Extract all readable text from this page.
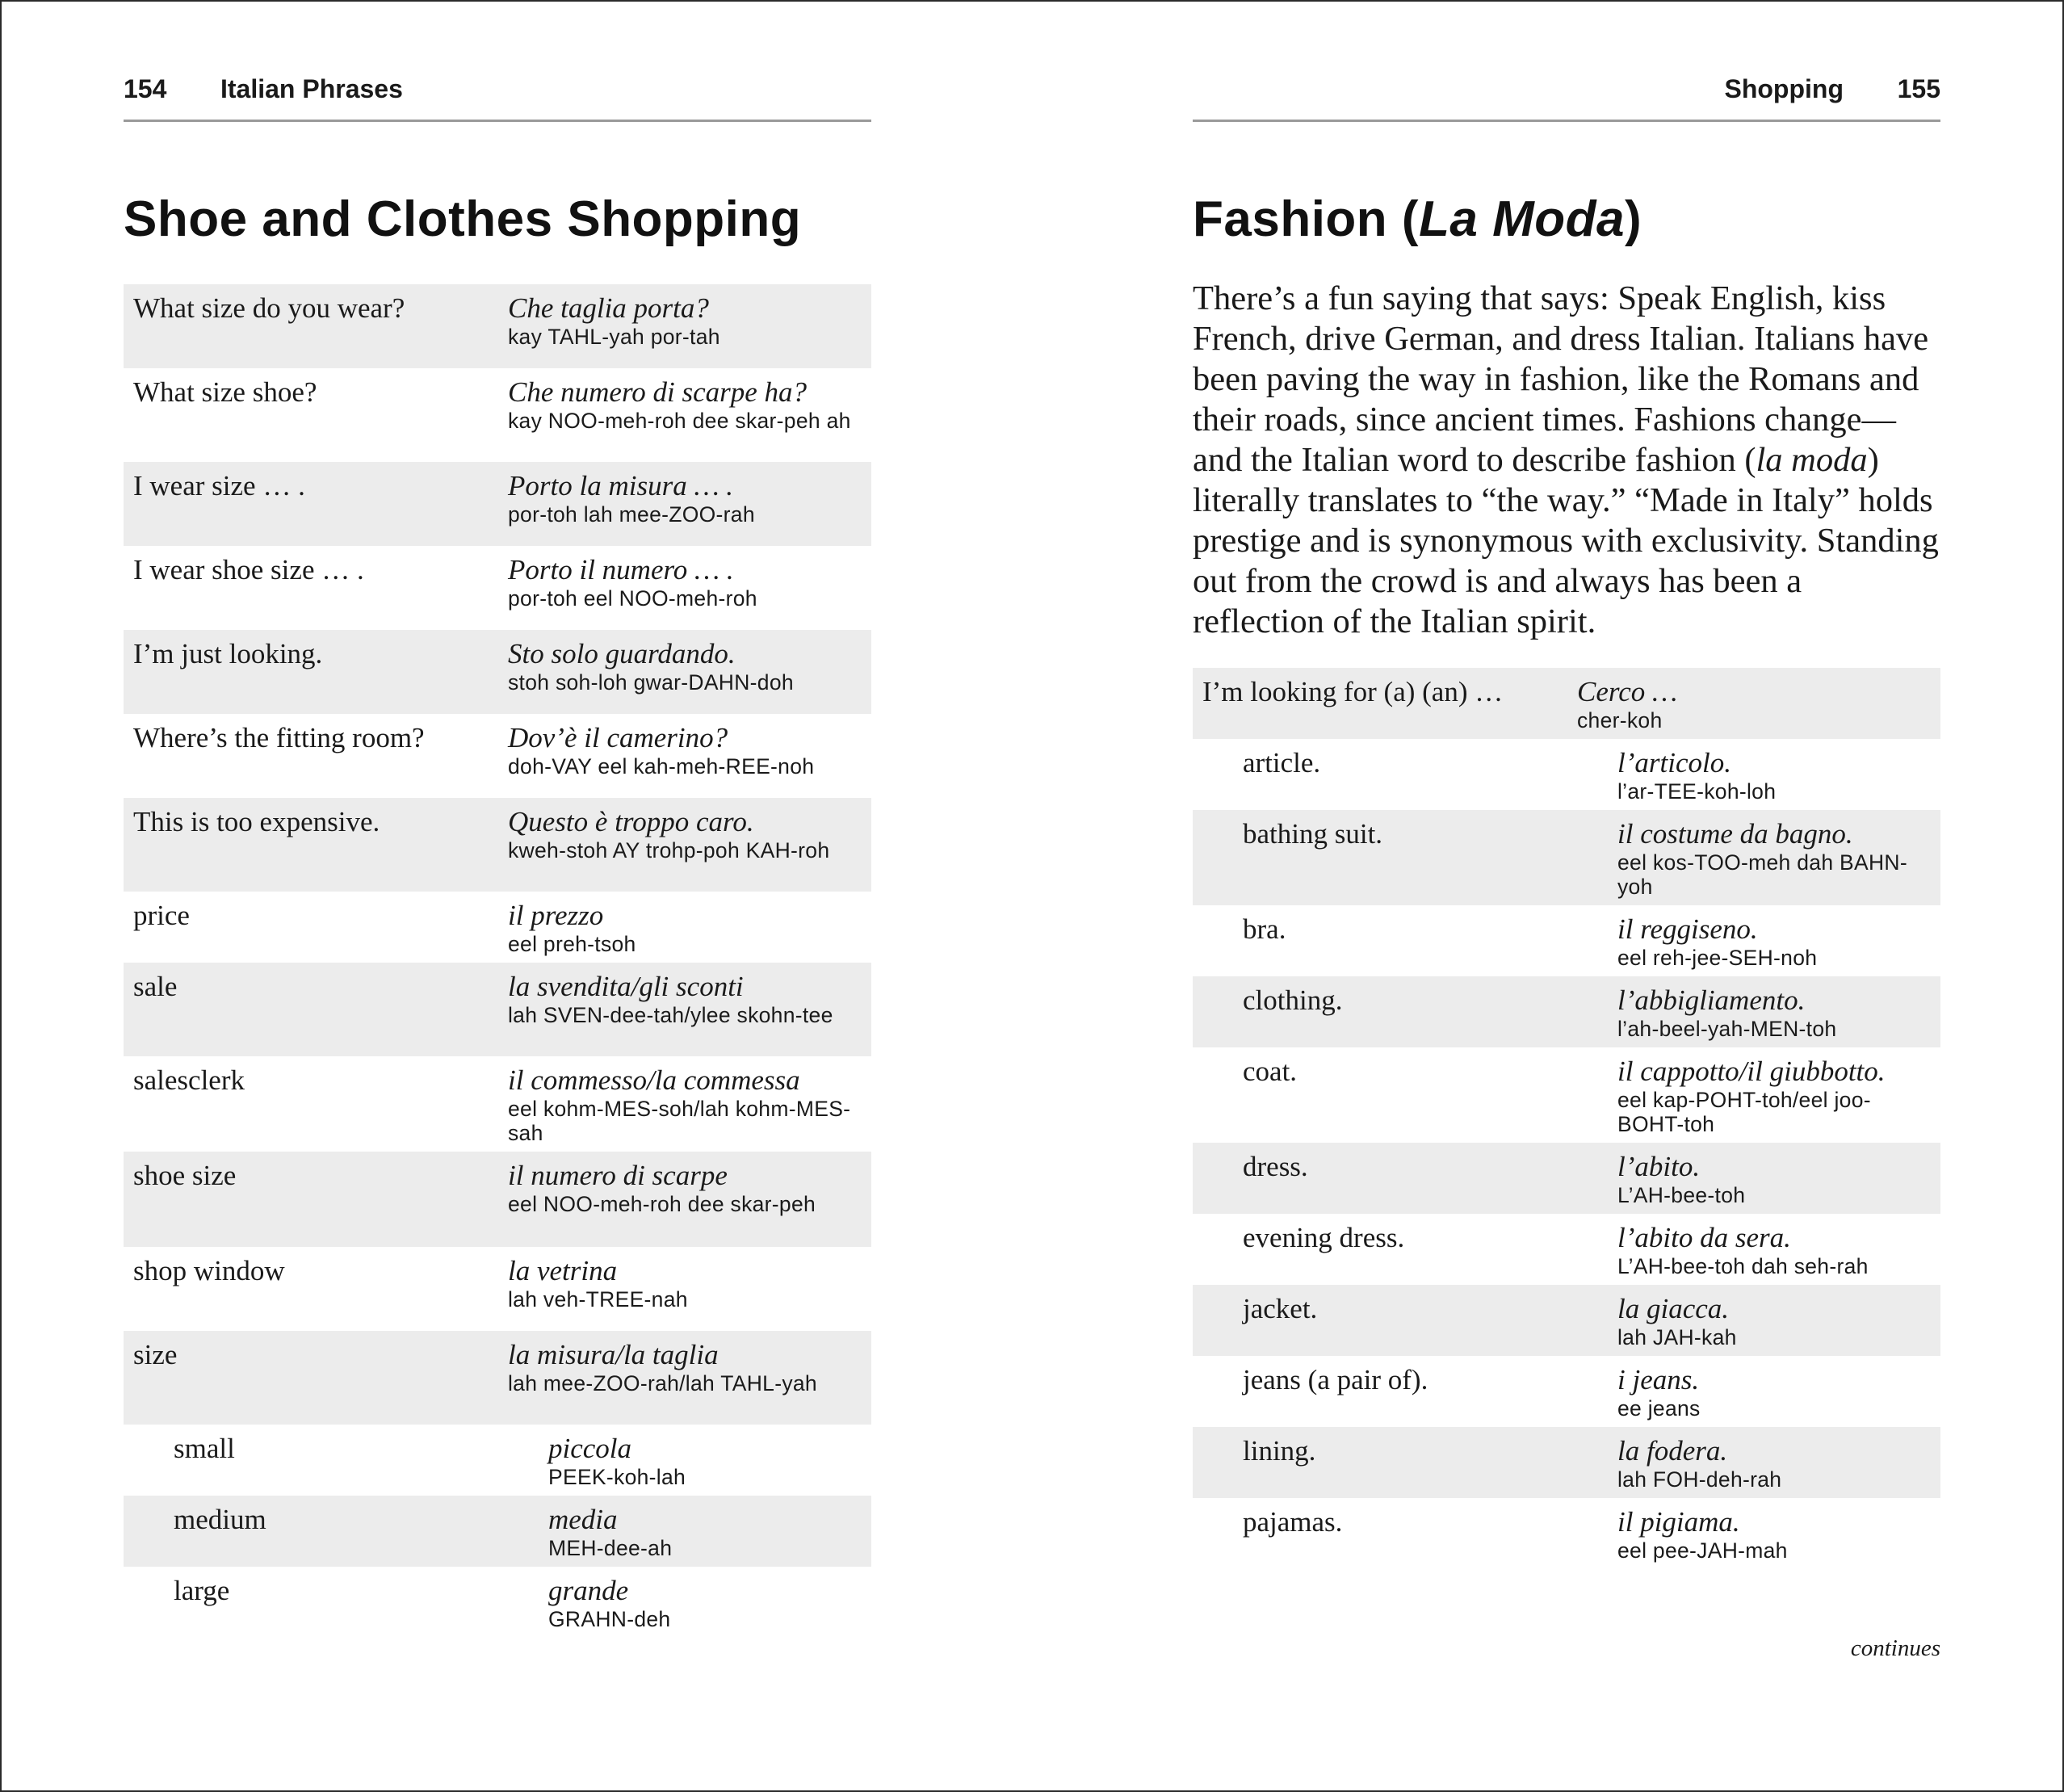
154 Italian Phrases
Shoe and Clothes Shopping
What size do you wear?	Che taglia porta?
kay TAHL-yah por-tah
What size shoe?	Che numero di scarpe ha?
kay NOO-meh-roh dee skar-peh ah
I wear size … .	Porto la misura … .
por-toh lah mee-ZOO-rah
I wear shoe size … .	Porto il numero … .
por-toh eel NOO-meh-roh
I’m just looking.	Sto solo guardando.
stoh soh-loh gwar-DAHN-doh
Where’s the fitting room?	Dov’è il camerino?
doh-VAY eel kah-meh-REE-noh
This is too expensive.	Questo è troppo caro.
kweh-stoh AY trohp-poh KAH-roh
price	il prezzo
eel preh-tsoh
sale	la svendita/gli sconti
lah SVEN-dee-tah/ylee skohn-tee
salesclerk	il commesso/la commessa
eel kohm-MES-soh/lah kohm-MES-sah
shoe size	il numero di scarpe
eel NOO-meh-roh dee skar-peh
shop window	la vetrina
lah veh-TREE-nah
size	la misura/la taglia
lah mee-ZOO-rah/lah TAHL-yah
small	piccola
PEEK-koh-lah
medium	media
MEH-dee-ah
large	grande
GRAHN-deh
Shopping 155
Fashion (La Moda)

There’s a fun saying that says: Speak English, kiss French, drive German, and dress Italian. Italians have been paving the way in fashion, like the Romans and their roads, since ancient times. Fashions change—and the Italian word to describe fashion (la moda) literally translates to “the way.” “Made in Italy” holds prestige and is synonymous with exclusivity. Standing out from the crowd is and always has been a reflection of the Italian spirit.

I’m looking for (a) (an) …	Cerco …
cher-koh
article.	l’articolo.
l’ar-TEE-koh-loh
bathing suit.	il costume da bagno.
eel kos-TOO-meh dah BAHN-yoh
bra.	il reggiseno.
eel reh-jee-SEH-noh
clothing.	l’abbigliamento.
l’ah-beel-yah-MEN-toh
coat.	il cappotto/il giubbotto.
eel kap-POHT-toh/eel joo-BOHT-toh
dress.	l’abito.
L’AH-bee-toh
evening dress.	l’abito da sera.
L’AH-bee-toh dah seh-rah
jacket.	la giacca.
lah JAH-kah
jeans (a pair of).	i jeans.
ee jeans
lining.	la fodera.
lah FOH-deh-rah
pajamas.	il pigiama.
eel pee-JAH-mah
continues
